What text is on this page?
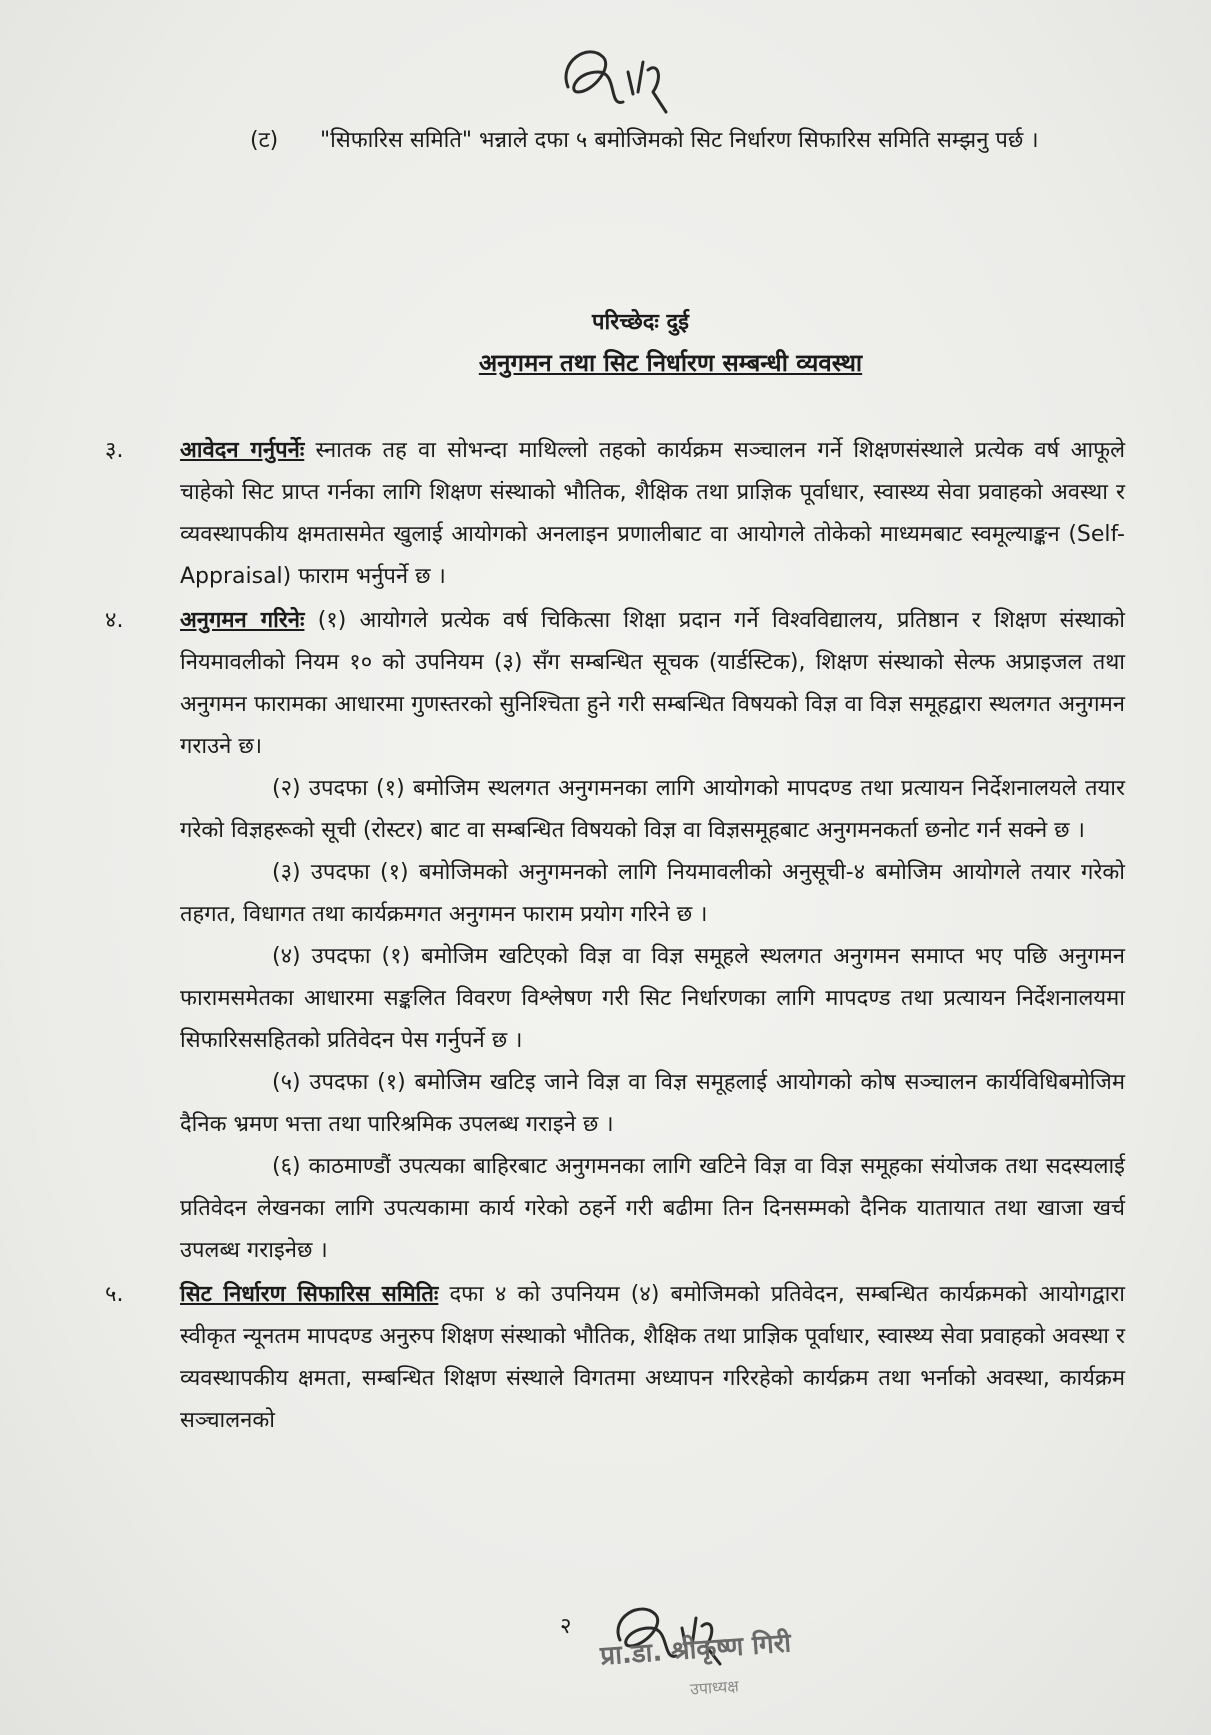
(ट) "सिफारिस समिति" भन्नाले दफा ५ बमोजिमको सिट निर्धारण सिफारिस समिति सम्झनु पर्छ ।
परिच्छेदः दुई
अनुगमन तथा सिट निर्धारण सम्बन्धी व्यवस्था
३.	आवेदन गर्नुपर्नेः स्नातक तह वा सोभन्दा माथिल्लो तहको कार्यक्रम सञ्चालन गर्ने शिक्षणसंस्थाले प्रत्येक वर्ष आफूले चाहेको सिट प्राप्त गर्नका लागि शिक्षण संस्थाको भौतिक, शैक्षिक तथा प्राज्ञिक पूर्वाधार, स्वास्थ्य सेवा प्रवाहको अवस्था र व्यवस्थापकीय क्षमतासमेत खुलाई आयोगको अनलाइन प्रणालीबाट वा आयोगले तोकेको माध्यमबाट स्वमूल्याङ्कन (Self- Appraisal) फाराम भर्नुपर्ने छ ।
४.	अनुगमन गरिनेः (१) आयोगले प्रत्येक वर्ष चिकित्सा शिक्षा प्रदान गर्ने विश्वविद्यालय, प्रतिष्ठान र शिक्षण संस्थाको नियमावलीको नियम १० को उपनियम (३) सँग सम्बन्धित सूचक (यार्डस्टिक), शिक्षण संस्थाको सेल्फ अप्राइजल तथा अनुगमन फारामका आधारमा गुणस्तरको सुनिश्चिता हुने गरी सम्बन्धित विषयको विज्ञ वा विज्ञ समूहद्वारा स्थलगत अनुगमन गराउने छ।
(२) उपदफा (१) बमोजिम स्थलगत अनुगमनका लागि आयोगको मापदण्ड तथा प्रत्यायन निर्देशनालयले तयार गरेको विज्ञहरूको सूची (रोस्टर) बाट वा सम्बन्धित विषयको विज्ञ वा विज्ञसमूहबाट अनुगमनकर्ता छनोट गर्न सक्ने छ ।
(३) उपदफा (१) बमोजिमको अनुगमनको लागि नियमावलीको अनुसूची-४ बमोजिम आयोगले तयार गरेको तहगत, विधागत तथा कार्यक्रमगत अनुगमन फाराम प्रयोग गरिने छ ।
(४) उपदफा (१) बमोजिम खटिएको विज्ञ वा विज्ञ समूहले स्थलगत अनुगमन समाप्त भए पछि अनुगमन फारामसमेतका आधारमा सङ्कलित विवरण विश्लेषण गरी सिट निर्धारणका लागि मापदण्ड तथा प्रत्यायन निर्देशनालयमा सिफारिससहितको प्रतिवेदन पेस गर्नुपर्ने छ ।
(५) उपदफा (१) बमोजिम खटिइ जाने विज्ञ वा विज्ञ समूहलाई आयोगको कोष सञ्चालन कार्यविधिबमोजिम दैनिक भ्रमण भत्ता तथा पारिश्रमिक उपलब्ध गराइने छ ।
(६) काठमाण्डौं उपत्यका बाहिरबाट अनुगमनका लागि खटिने विज्ञ वा विज्ञ समूहका संयोजक तथा सदस्यलाई प्रतिवेदन लेखनका लागि उपत्यकामा कार्य गरेको ठहर्ने गरी बढीमा तिन दिनसम्मको दैनिक यातायात तथा खाजा खर्च उपलब्ध गराइनेछ ।
५.	सिट निर्धारण सिफारिस समितिः दफा ४ को उपनियम (४) बमोजिमको प्रतिवेदन, सम्बन्धित कार्यक्रमको आयोगद्वारा स्वीकृत न्यूनतम मापदण्ड अनुरुप शिक्षण संस्थाको भौतिक, शैक्षिक तथा प्राज्ञिक पूर्वाधार, स्वास्थ्य सेवा प्रवाहको अवस्था र व्यवस्थापकीय क्षमता, सम्बन्धित शिक्षण संस्थाले विगतमा अध्यापन गरिरहेको कार्यक्रम तथा भर्नाको अवस्था, कार्यक्रम सञ्चालनको
२
प्रा.डा. श्रीकृष्ण गिरी
उपाध्यक्ष
